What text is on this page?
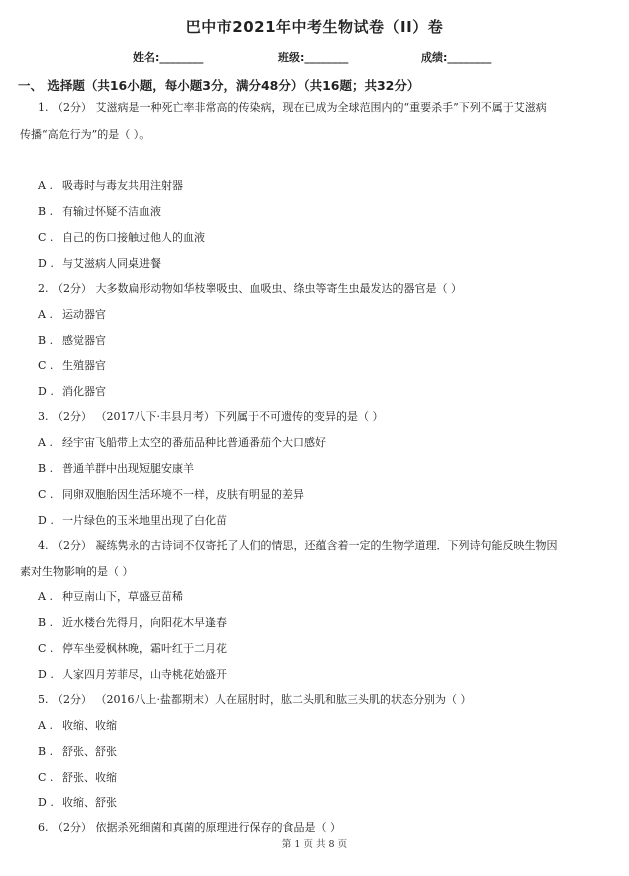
巴中市2021年中考生物试卷（II）卷
姓名:________	班级:________	成绩:________
一、 选择题（共16小题，每小题3分，满分48分）（共16题；共32分）
1. （2分） 艾滋病是一种死亡率非常高的传染病，现在已成为全球范围内的“重要杀手”下列不属于艾滋病
传播“高危行为”的是（ ）。
A . 吸毒时与毒友共用注射器
B . 有输过怀疑不洁血液
C . 自己的伤口接触过他人的血液
D . 与艾滋病人同桌进餐
2. （2分） 大多数扁形动物如华枝睾吸虫、血吸虫、绦虫等寄生虫最发达的器官是（ ）
A . 运动器官
B . 感觉器官
C . 生殖器官
D . 消化器官
3. （2分） （2017八下·丰县月考）下列属于不可遗传的变异的是（ ）
A . 经宇宙飞船带上太空的番茄品种比普通番茄个大口感好
B . 普通羊群中出现短腿安康羊
C . 同卵双胞胎因生活环境不一样，皮肤有明显的差异
D . 一片绿色的玉米地里出现了白化苗
4. （2分） 凝练隽永的古诗词不仅寄托了人们的情思，还蕴含着一定的生物学道理．下列诗句能反映生物因
素对生物影响的是（ ）
A . 种豆南山下，草盛豆苗稀
B . 近水楼台先得月，向阳花木早逢春
C . 停车坐爱枫林晚，霜叶红于二月花
D . 人家四月芳菲尽，山寺桃花始盛开
5. （2分） （2016八上·盐都期末）人在屈肘时，肱二头肌和肱三头肌的状态分别为（ ）
A . 收缩、收缩
B . 舒张、舒张
C . 舒张、收缩
D . 收缩、舒张
6. （2分） 依据杀死细菌和真菌的原理进行保存的食品是（ ）
第 1 页 共 8 页
